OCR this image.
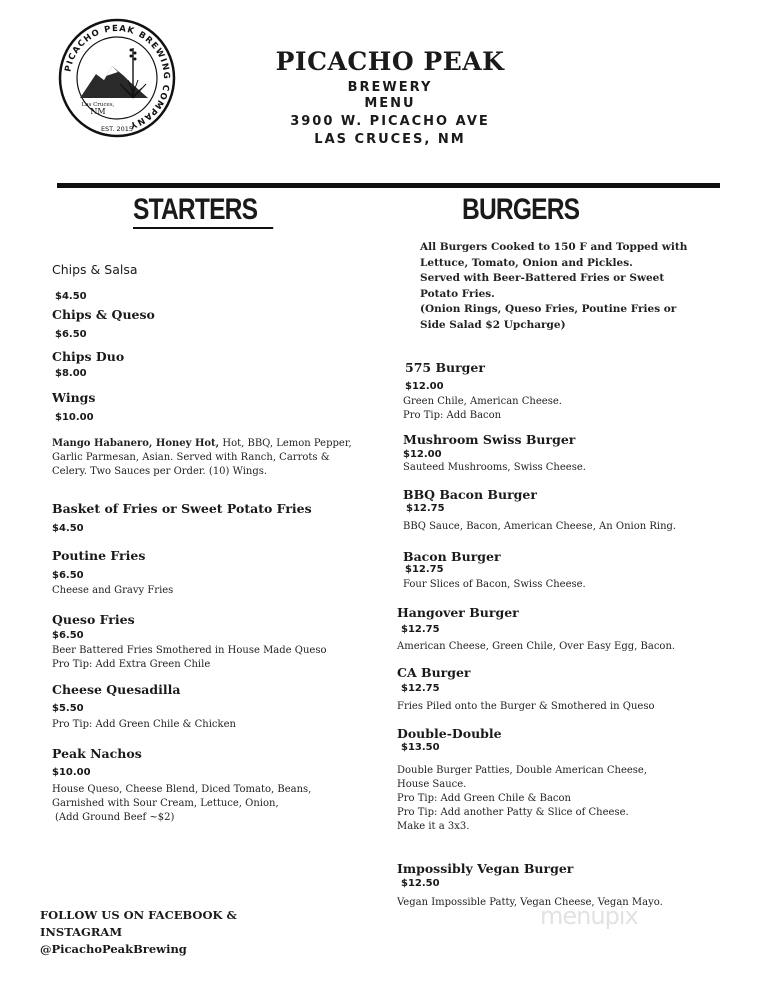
PICACHO PEAK BREWING COMPANY
EST. 2015
Las Cruces,
NM
PICACHO PEAK
BREWERY
MENU
3900 W. PICACHO AVE
LAS CRUCES, NM
STARTERS	BURGERS
Chips & Salsa
$4.50
Chips & Queso
$6.50
Chips Duo
$8.00
Wings
$10.00
Mango Habanero, Honey Hot, Hot, BBQ, Lemon Pepper,
Garlic Parmesan, Asian. Served with Ranch, Carrots &
Celery. Two Sauces per Order. (10) Wings.
Basket of Fries or Sweet Potato Fries
$4.50
Poutine Fries
$6.50
Cheese and Gravy Fries
Queso Fries
$6.50
Beer Battered Fries Smothered in House Made Queso
Pro Tip: Add Extra Green Chile
Cheese Quesadilla
$5.50
Pro Tip: Add Green Chile & Chicken
Peak Nachos
$10.00
House Queso, Cheese Blend, Diced Tomato, Beans,
Garnished with Sour Cream, Lettuce, Onion,
(Add Ground Beef ~$2)
All Burgers Cooked to 150 F and Topped with
Lettuce, Tomato, Onion and Pickles.
Served with Beer-Battered Fries or Sweet
Potato Fries.
(Onion Rings, Queso Fries, Poutine Fries or
Side Salad $2 Upcharge)
575 Burger
$12.00
Green Chile, American Cheese.
Pro Tip: Add Bacon
Mushroom Swiss Burger
$12.00
Sauteed Mushrooms, Swiss Cheese.
BBQ Bacon Burger
$12.75
BBQ Sauce, Bacon, American Cheese, An Onion Ring.
Bacon Burger
$12.75
Four Slices of Bacon, Swiss Cheese.
Hangover Burger
$12.75
American Cheese, Green Chile, Over Easy Egg, Bacon.
CA Burger
$12.75
Fries Piled onto the Burger & Smothered in Queso
Double-Double
$13.50
Double Burger Patties, Double American Cheese,
House Sauce.
Pro Tip: Add Green Chile & Bacon
Pro Tip: Add another Patty & Slice of Cheese.
Make it a 3x3.
Impossibly Vegan Burger
$12.50
Vegan Impossible Patty, Vegan Cheese, Vegan Mayo.
FOLLOW US ON FACEBOOK &
INSTAGRAM
@PicachoPeakBrewing
menupix
